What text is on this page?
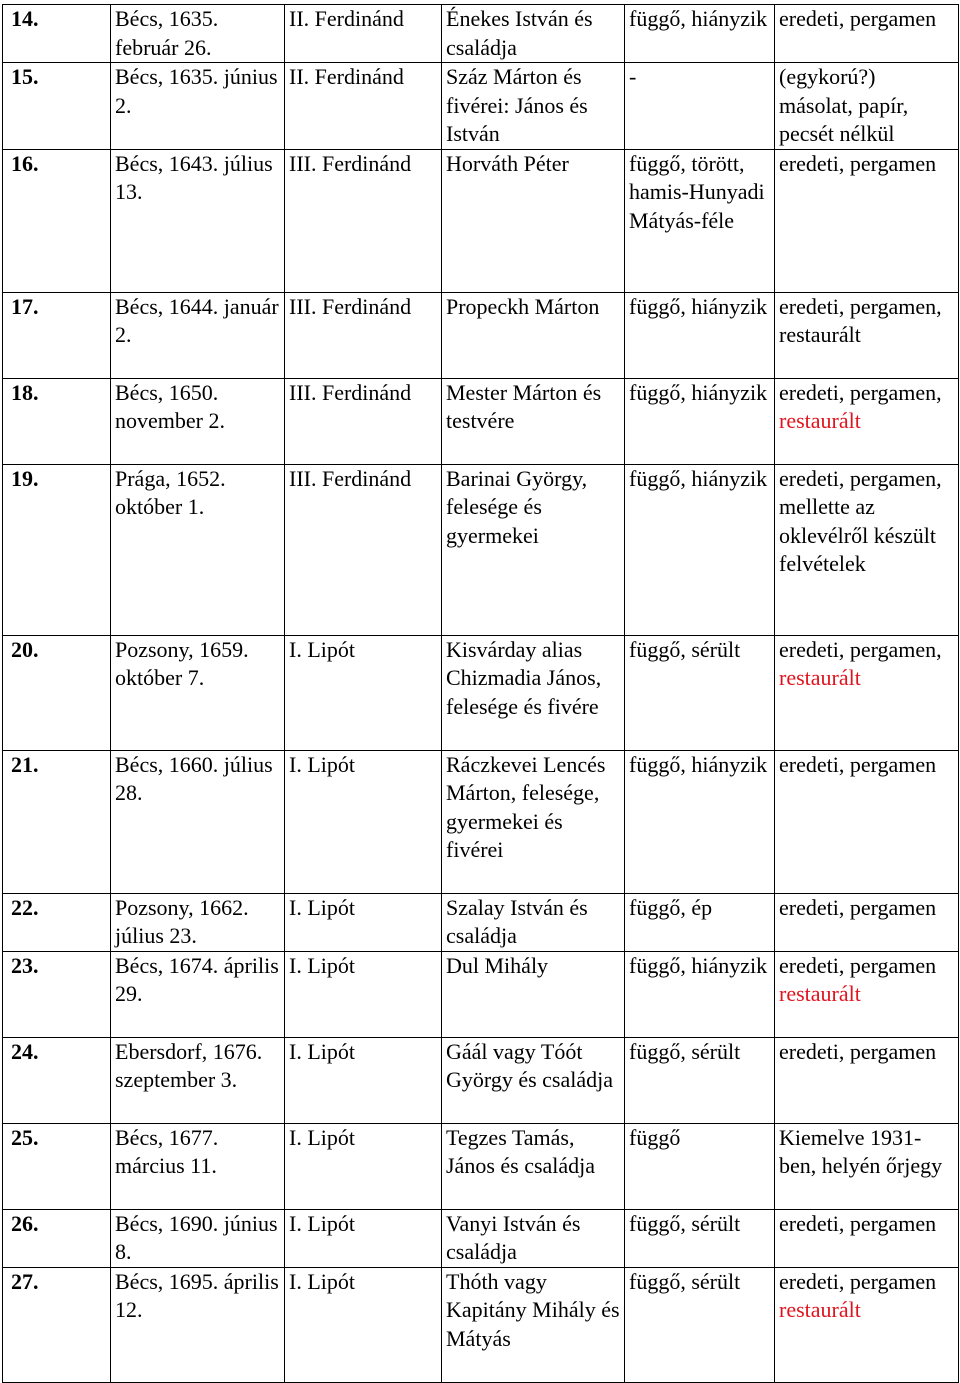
14.	Bécs, 1635. február 26.	II. Ferdinánd	Énekes István és családja	függő, hiányzik	eredeti, pergamen
15.	Bécs, 1635. június 2.	II. Ferdinánd	Száz Márton és fivérei: János és István	-	(egykorú?) másolat, papír, pecsét nélkül
16.	Bécs, 1643. július 13.	III. Ferdinánd	Horváth Péter	függő, törött, hamis-Hunyadi Mátyás-féle	eredeti, pergamen
17.	Bécs, 1644. január 2.	III. Ferdinánd	Propeckh Márton	függő, hiányzik	eredeti, pergamen, restaurált
18.	Bécs, 1650. november 2.	III. Ferdinánd	Mester Márton és testvére	függő, hiányzik	eredeti, pergamen, restaurált
19.	Prága, 1652. október 1.	III. Ferdinánd	Barinai György, felesége és gyermekei	függő, hiányzik	eredeti, pergamen, mellette az oklevélről készült felvételek
20.	Pozsony, 1659. október 7.	I. Lipót	Kisvárday alias Chizmadia János, felesége és fivére	függő, sérült	eredeti, pergamen, restaurált
21.	Bécs, 1660. július 28.	I. Lipót	Ráczkevei Lencés Márton, felesége, gyermekei és fivérei	függő, hiányzik	eredeti, pergamen
22.	Pozsony, 1662. július 23.	I. Lipót	Szalay István és családja	függő, ép	eredeti, pergamen
23.	Bécs, 1674. április 29.	I. Lipót	Dul Mihály	függő, hiányzik	eredeti, pergamen restaurált
24.	Ebersdorf, 1676. szeptember 3.	I. Lipót	Gáál vagy Tóót György és családja	függő, sérült	eredeti, pergamen
25.	Bécs, 1677. március 11.	I. Lipót	Tegzes Tamás, János és családja	függő	Kiemelve 1931-ben, helyén őrjegy
26.	Bécs, 1690. június 8.	I. Lipót	Vanyi István és családja	függő, sérült	eredeti, pergamen
27.	Bécs, 1695. április 12.	I. Lipót	Thóth vagy Kapitány Mihály és Mátyás	függő, sérült	eredeti, pergamen restaurált
